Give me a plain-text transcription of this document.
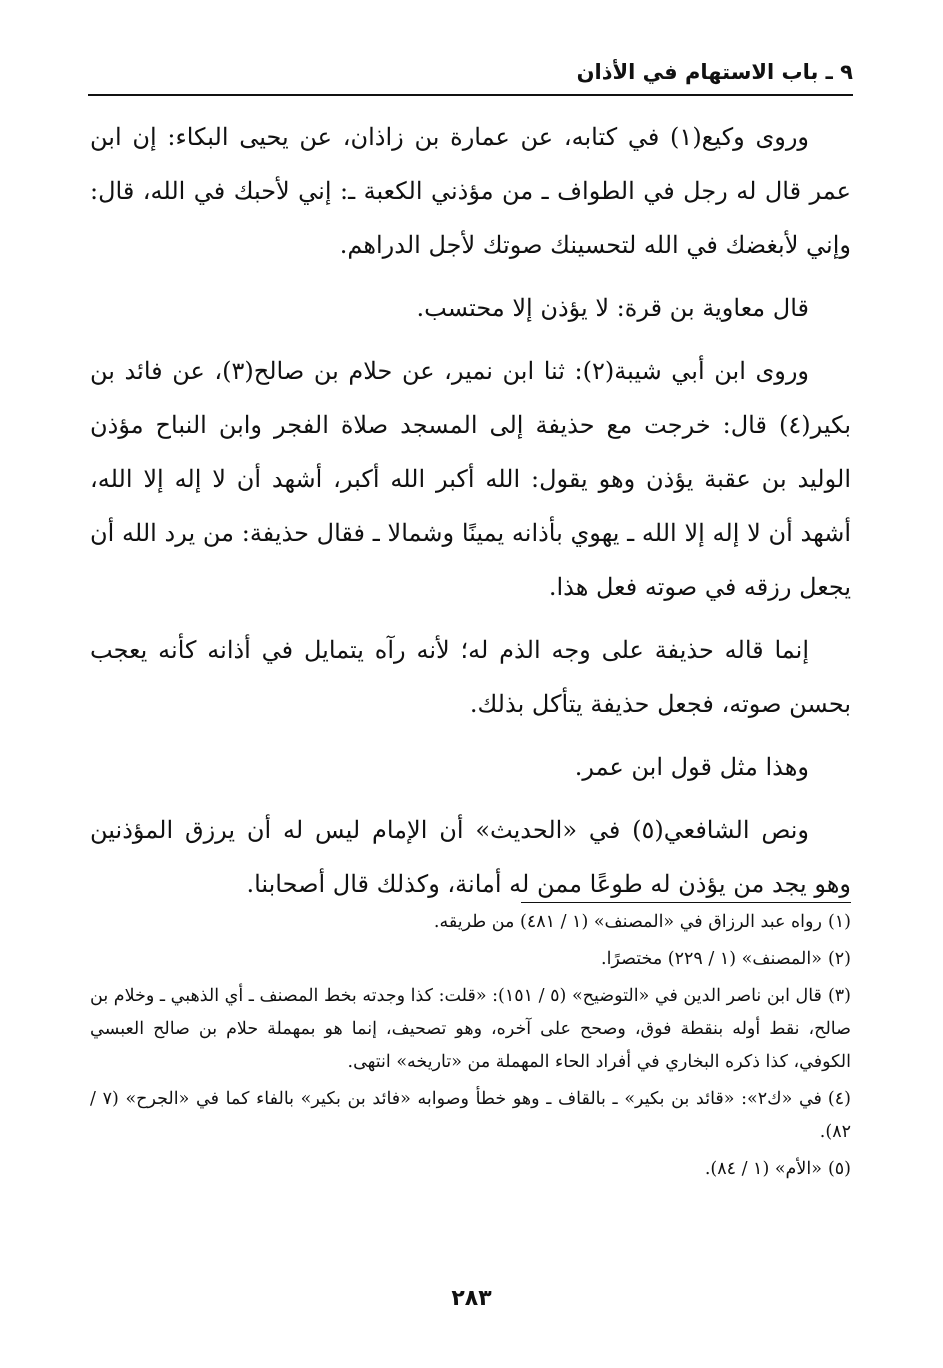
٩ ـ باب الاستهام في الأذان

وروى وكيع(١) في كتابه، عن عمارة بن زاذان، عن يحيى البكاء: إن ابن عمر قال له رجل في الطواف ـ من مؤذني الكعبة ـ: إني لأحبك في الله، قال: وإني لأبغضك في الله لتحسينك صوتك لأجل الدراهم.

قال معاوية بن قرة: لا يؤذن إلا محتسب.

وروى ابن أبي شيبة(٢): ثنا ابن نمير، عن حلام بن صالح(٣)، عن فائد بن بكير(٤) قال: خرجت مع حذيفة إلى المسجد صلاة الفجر وابن النباح مؤذن الوليد بن عقبة يؤذن وهو يقول: الله أكبر الله أكبر، أشهد أن لا إله إلا الله، أشهد أن لا إله إلا الله ـ يهوي بأذانه يمينًا وشمالا ـ فقال حذيفة: من يرد الله أن يجعل رزقه في صوته فعل هذا.

إنما قاله حذيفة على وجه الذم له؛ لأنه رآه يتمايل في أذانه كأنه يعجب بحسن صوته، فجعل حذيفة يتأكل بذلك.

وهذا مثل قول ابن عمر.

ونص الشافعي(٥) في «الحديث» أن الإمام ليس له أن يرزق المؤذنين وهو يجد من يؤذن له طوعًا ممن له أمانة، وكذلك قال أصحابنا.

(١)رواه عبد الرزاق في «المصنف» (١ / ٤٨١) من طريقه.

(٢)«المصنف» (١ / ٢٢٩) مختصرًا.

(٣)قال ابن ناصر الدين في «التوضيح» (٥ / ١٥١): «قلت: كذا وجدته بخط المصنف ـ أي الذهبي ـ وخلام بن صالح، نقط أوله بنقطة فوق، وصحح على آخره، وهو تصحيف، إنما هو بمهملة حلام بن صالح العبسي الكوفي، كذا ذكره البخاري في أفراد الحاء المهملة من «تاريخه» انتهى.

(٤)في «ك٢»: «قائد بن بكير» ـ بالقاف ـ وهو خطأ وصوابه «فائد بن بكير» بالفاء كما في «الجرح» (٧ / ٨٢).

(٥)«الأم» (١ / ٨٤).

٢٨٣
